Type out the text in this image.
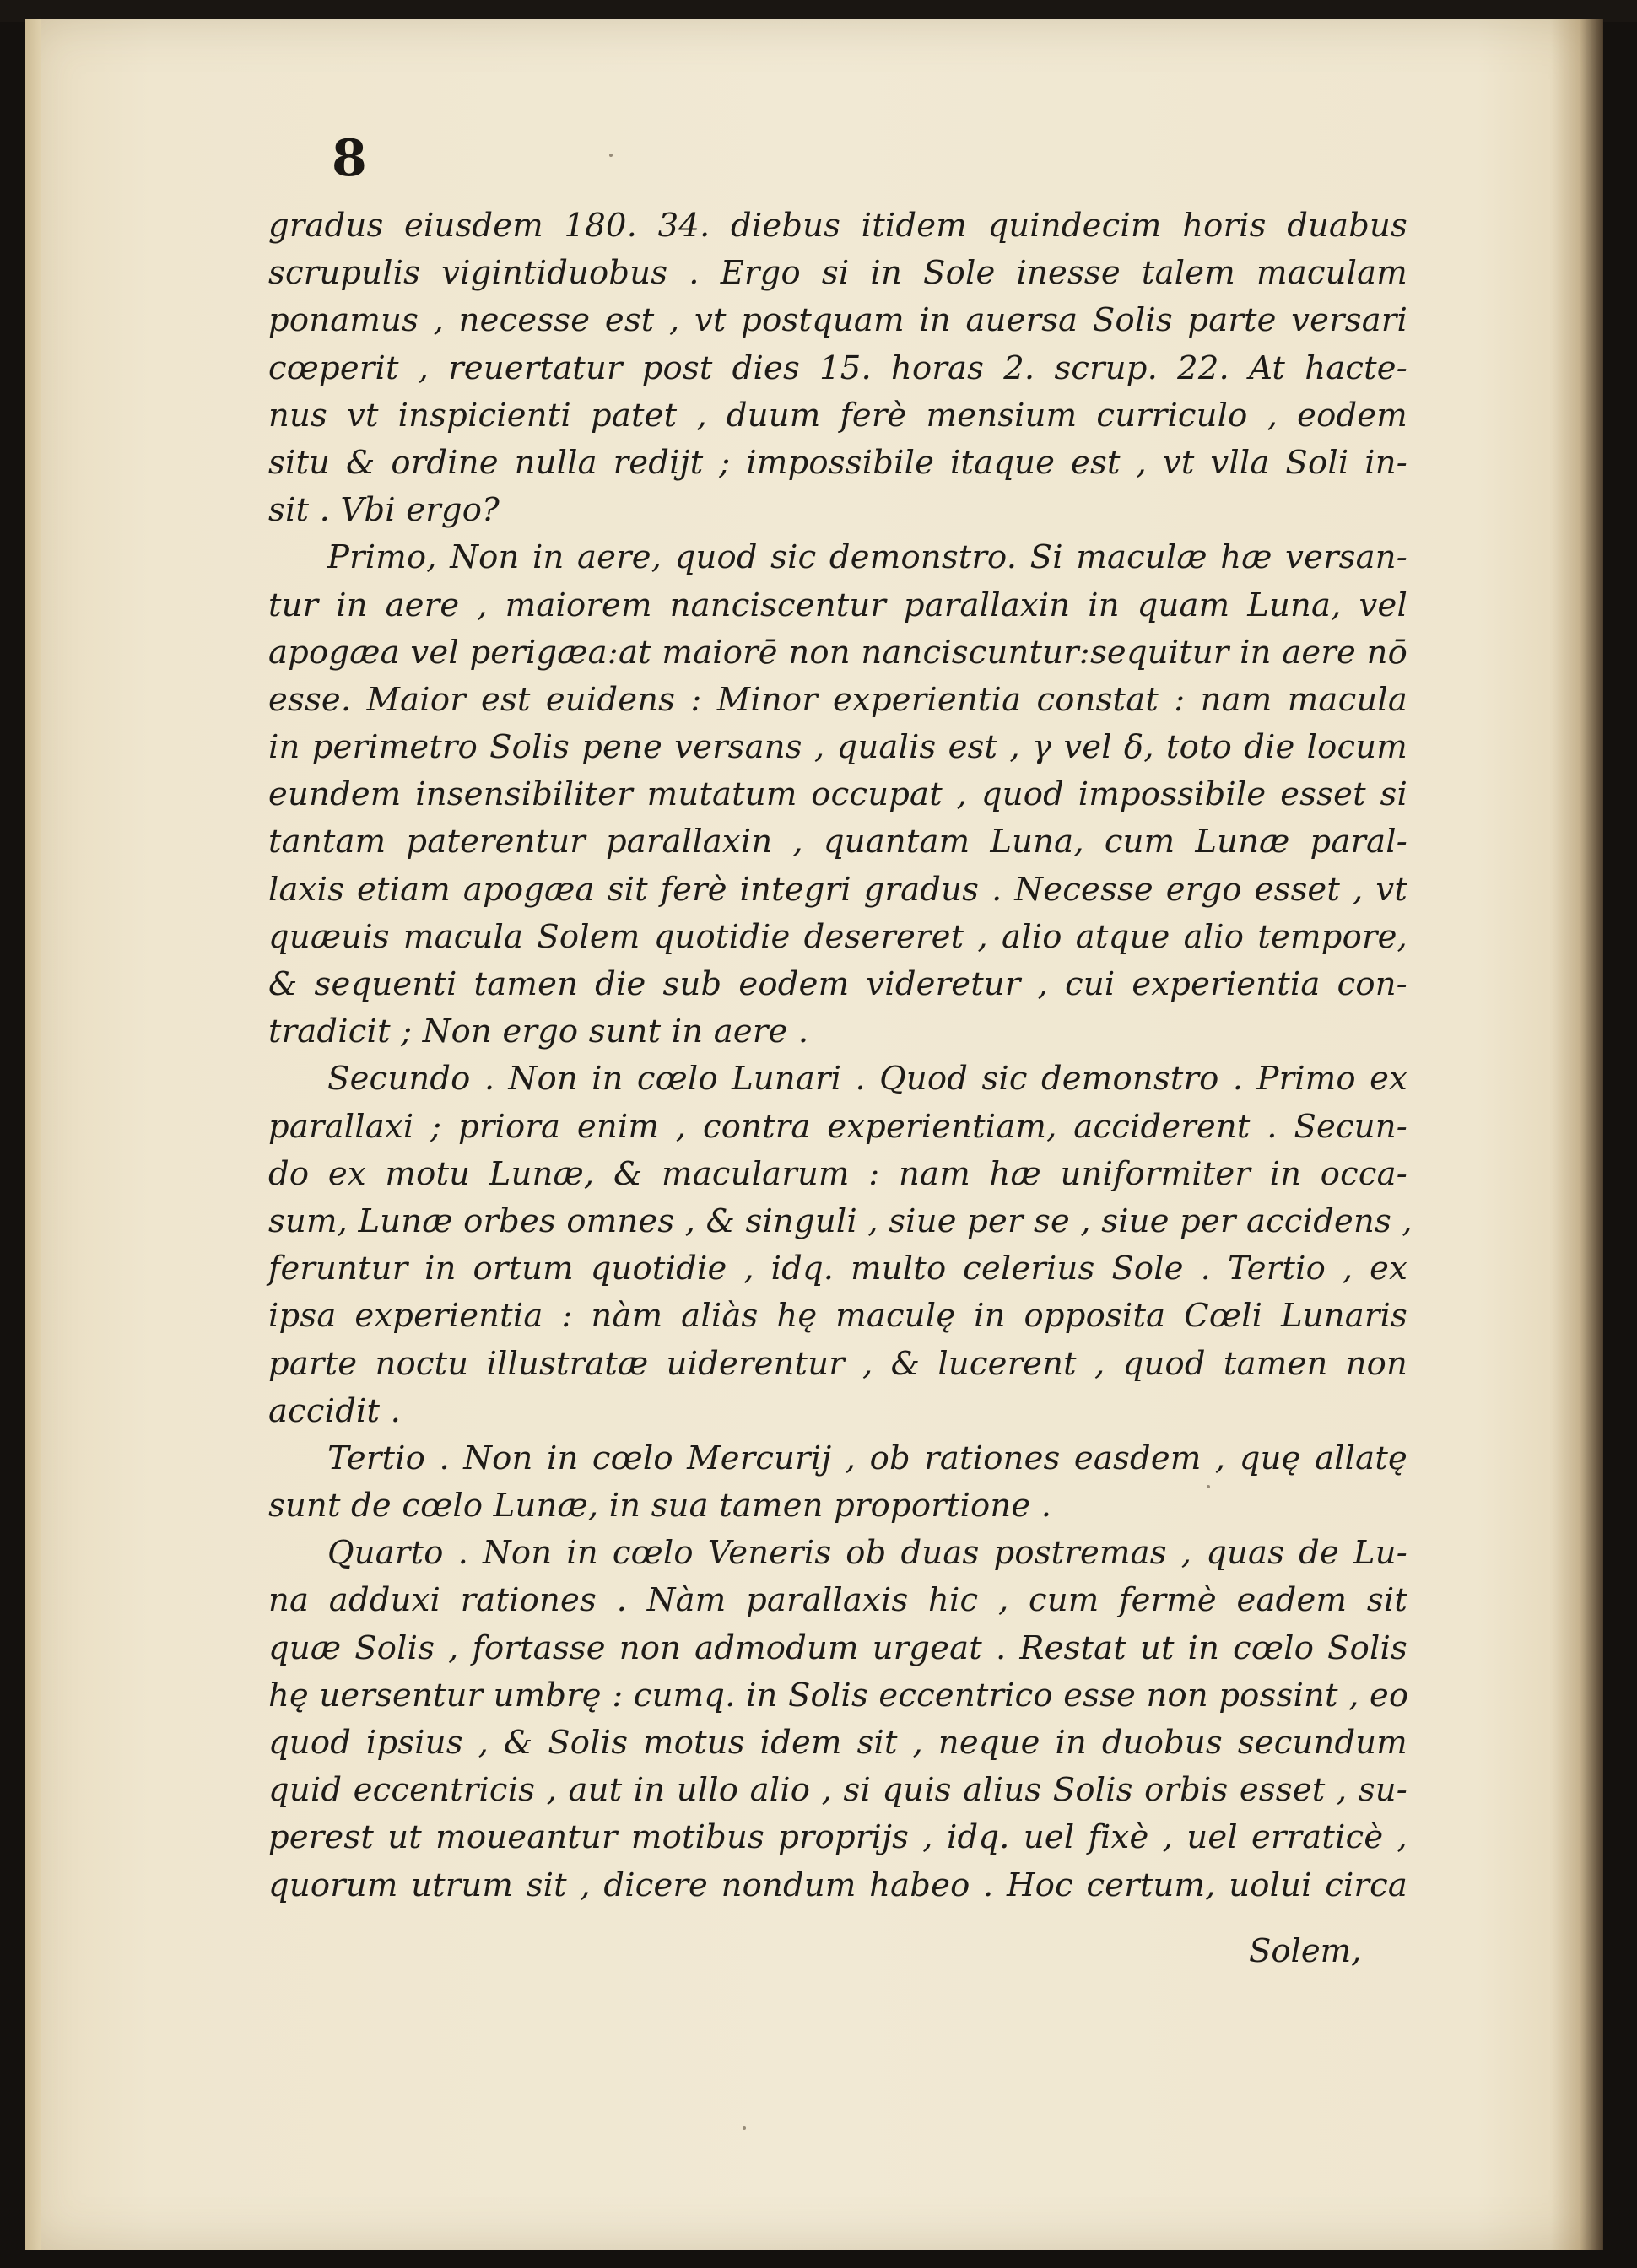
8
gradus eiusdem 180. 34. diebus itidem quindecim horis duabus
scrupulis vigintiduobus . Ergo si in Sole inesse talem maculam
ponamus , necesse est , vt postquam in auersa Solis parte versari
cœperit , reuertatur post dies 15. horas 2. scrup. 22. At hacte-
nus vt inspicienti patet , duum ferè mensium curriculo , eodem
situ & ordine nulla redijt ; impossibile itaque est , vt vlla Soli in-
sit . Vbi ergo?
Primo, Non in aere, quod sic demonstro. Si maculæ hæ versan-
tur in aere , maiorem nanciscentur parallaxin in quam Luna, vel
apogæa vel perigæa:at maiorē non nanciscuntur:sequitur in aere nō
esse. Maior est euidens : Minor experientia constat : nam macula
in perimetro Solis pene versans , qualis est , γ vel δ, toto die locum
eundem insensibiliter mutatum occupat , quod impossibile esset si
tantam paterentur parallaxin , quantam Luna, cum Lunæ paral-
laxis etiam apogæa sit ferè integri gradus . Necesse ergo esset , vt
quæuis macula Solem quotidie desereret , alio atque alio tempore,
& sequenti tamen die sub eodem videretur , cui experientia con-
tradicit ; Non ergo sunt in aere .
Secundo . Non in cœlo Lunari . Quod sic demonstro . Primo ex
parallaxi ; priora enim , contra experientiam, acciderent . Secun-
do ex motu Lunæ, & macularum : nam hæ uniformiter in occa-
sum, Lunæ orbes omnes , & singuli , siue per se , siue per accidens ,
feruntur in ortum quotidie , idq. multo celerius Sole . Tertio , ex
ipsa experientia : nàm aliàs hę maculę in opposita Cœli Lunaris
parte noctu illustratæ uiderentur , & lucerent , quod tamen non
accidit .
Tertio . Non in cœlo Mercurij , ob rationes easdem , quę allatę
sunt de cœlo Lunæ, in sua tamen proportione .
Quarto . Non in cœlo Veneris ob duas postremas , quas de Lu-
na adduxi rationes . Nàm parallaxis hic , cum fermè eadem sit
quæ Solis , fortasse non admodum urgeat . Restat ut in cœlo Solis
hę uersentur umbrę : cumq. in Solis eccentrico esse non possint , eo
quod ipsius , & Solis motus idem sit , neque in duobus secundum
quid eccentricis , aut in ullo alio , si quis alius Solis orbis esset , su-
perest ut moueantur motibus proprijs , idq. uel fixè , uel erraticè ,
quorum utrum sit , dicere nondum habeo . Hoc certum, uolui circa
Solem,
